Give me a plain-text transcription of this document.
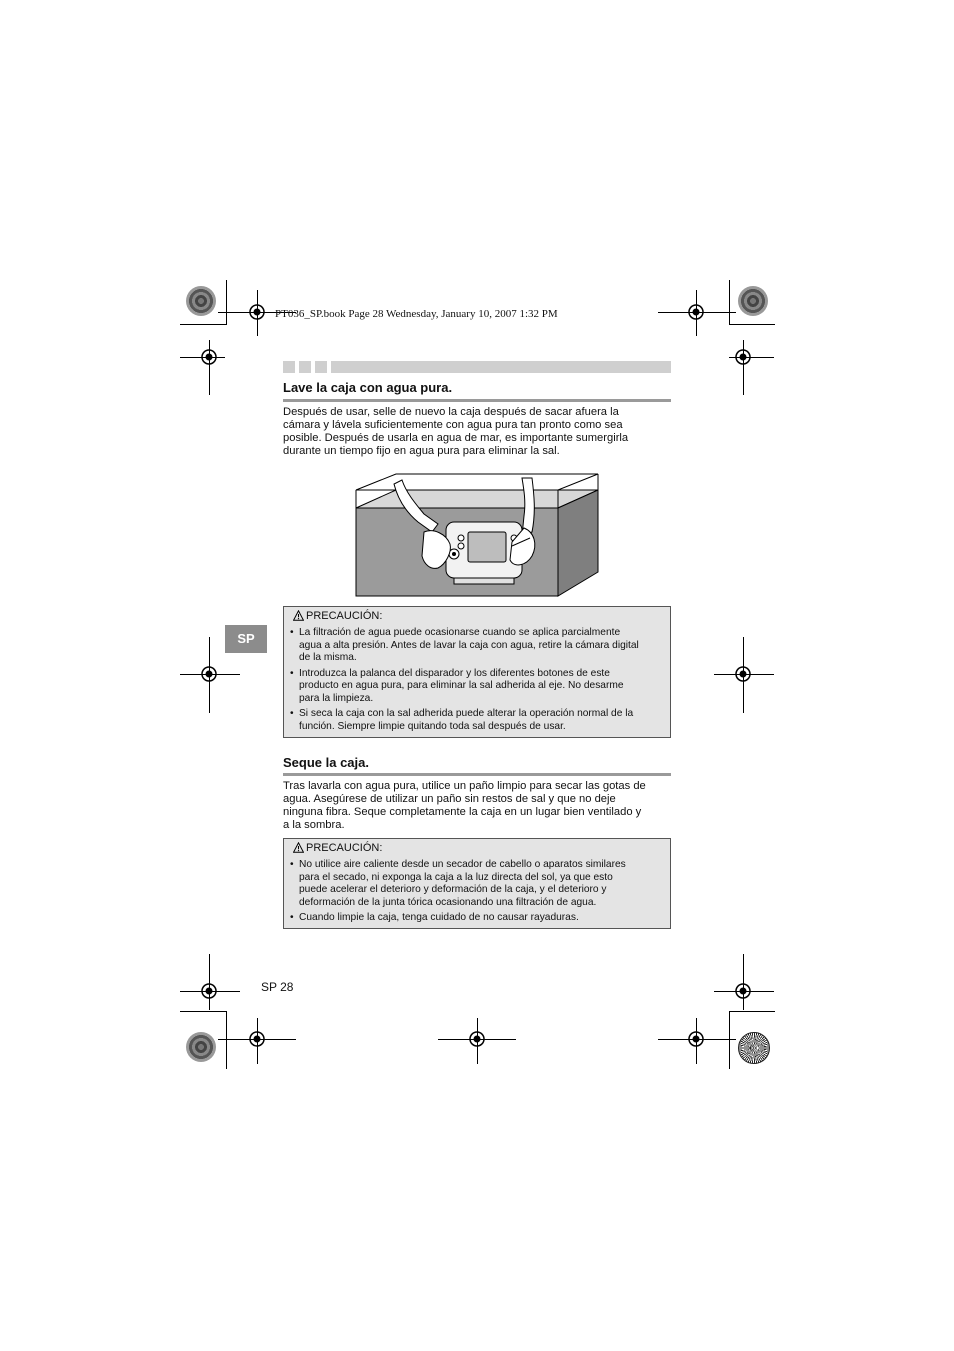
PT036_SP.book Page 28 Wednesday, January 10, 2007 1:32 PM
Lave la caja con agua pura.

Después de usar, selle de nuevo la caja después de sacar afuera la
cámara y lávela suficientemente con agua pura tan pronto como sea
posible. Después de usarla en agua de mar, es importante sumergirla
durante un tiempo fijo en agua pura para eliminar la sal.

SP
PRECAUCIÓN:
• La filtración de agua puede ocasionarse cuando se aplica parcialmente
agua a alta presión. Antes de lavar la caja con agua, retire la cámara digital
de la misma.
• Introduzca la palanca del disparador y los diferentes botones de este
producto en agua pura, para eliminar la sal adherida al eje. No desarme
para la limpieza.
• Si seca la caja con la sal adherida puede alterar la operación normal de la
función. Siempre limpie quitando toda sal después de usar.
Seque la caja.

Tras lavarla con agua pura, utilice un paño limpio para secar las gotas de
agua. Asegúrese de utilizar un paño sin restos de sal y que no deje
ninguna fibra. Seque completamente la caja en un lugar bien ventilado y
a la sombra.

PRECAUCIÓN:
• No utilice aire caliente desde un secador de cabello o aparatos similares
para el secado, ni exponga la caja a la luz directa del sol, ya que esto
puede acelerar el deterioro y deformación de la caja, y el deterioro y
deformación de la junta tórica ocasionando una filtración de agua.
• Cuando limpie la caja, tenga cuidado de no causar rayaduras.
SP 28
